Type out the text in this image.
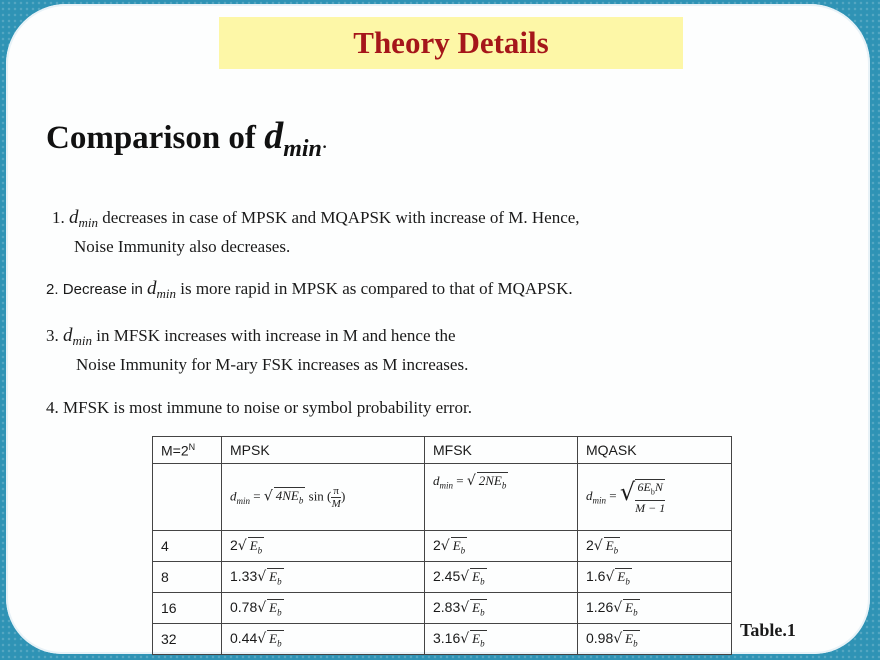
Theory Details
Comparison of $d_{min}$.
1. $d_{min}$ decreases in case of MPSK and MQAPSK with increase of M. Hence,
Noise Immunity also decreases.
2. Decrease in $d_{min}$ is more rapid in MPSK as compared to that of MQAPSK.
3. $d_{min}$ in MFSK increases with increase in M and hence the
Noise Immunity for M-ary FSK increases as M increases.
4. MFSK is most immune to noise or symbol probability error.
$M=2^N$	MPSK	MFSK	MQASK
	$d_{min}$ = √ $4NE_b$ sin ( $\frac{\pi}{M}$ )	$d_{min}$ = √ $2NE_b$	$d_{min}$ = √ $\frac{6E_bN}{M - 1}$

4	2√ $E_b$	2√ $E_b$	2√ $E_b$
8	1.33√ $E_b$	2.45√ $E_b$	1.6√ $E_b$
16	0.78√ $E_b$	2.83√ $E_b$	1.26√ $E_b$
32	0.44√ $E_b$	3.16√ $E_b$	0.98√ $E_b$
Table.1
